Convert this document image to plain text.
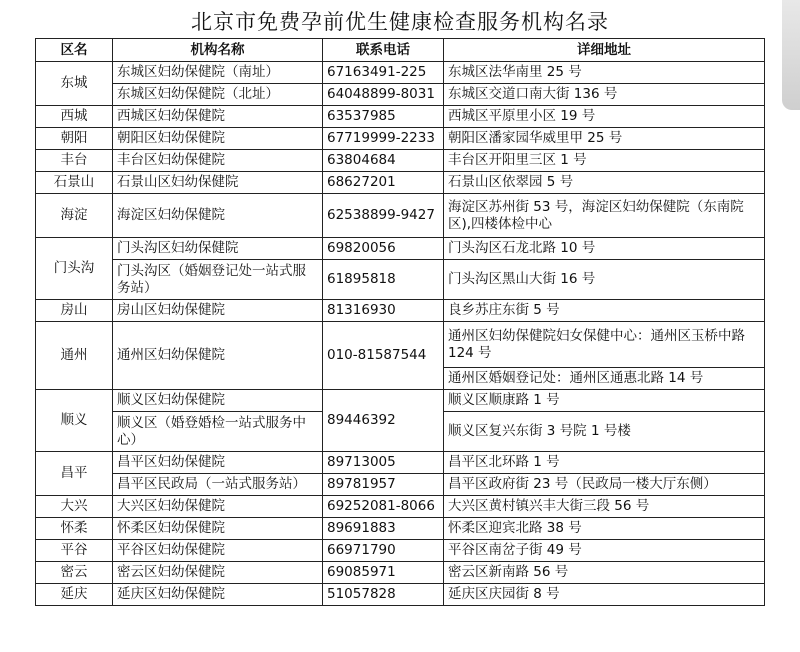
北京市免费孕前优生健康检查服务机构名录
区名	机构名称	联系电话	详细地址
东城	东城区妇幼保健院（南址）	67163491-225	东城区法华南里 25 号
	东城区妇幼保健院（北址）	64048899-8031	东城区交道口南大街 136 号
西城	西城区妇幼保健院	63537985	西城区平原里小区 19 号
朝阳	朝阳区妇幼保健院	67719999-2233	朝阳区潘家园华威里甲 25 号
丰台	丰台区妇幼保健院	63804684	丰台区开阳里三区 1 号
石景山	石景山区妇幼保健院	68627201	石景山区依翠园 5 号
海淀	海淀区妇幼保健院	62538899-9427	海淀区苏州街 53 号，海淀区妇幼保健院（东南院区),四楼体检中心
门头沟	门头沟区妇幼保健院	69820056	门头沟区石龙北路 10 号
	门头沟区（婚姻登记处一站式服务站）	61895818	门头沟区黑山大街 16 号
房山	房山区妇幼保健院	81316930	良乡苏庄东街 5 号
通州	通州区妇幼保健院	010-81587544	通州区妇幼保健院妇女保健中心：通州区玉桥中路 124 号
			通州区婚姻登记处：通州区通惠北路 14 号
顺义	顺义区妇幼保健院	89446392	顺义区顺康路 1 号
	顺义区（婚登婚检一站式服务中心）		顺义区复兴东街 3 号院 1 号楼
昌平	昌平区妇幼保健院	89713005	昌平区北环路 1 号
	昌平区民政局（一站式服务站）	89781957	昌平区政府街 23 号（民政局一楼大厅东侧）
大兴	大兴区妇幼保健院	69252081-8066	大兴区黄村镇兴丰大街三段 56 号
怀柔	怀柔区妇幼保健院	89691883	怀柔区迎宾北路 38 号
平谷	平谷区妇幼保健院	66971790	平谷区南岔子街 49 号
密云	密云区妇幼保健院	69085971	密云区新南路 56 号
延庆	延庆区妇幼保健院	51057828	延庆区庆园街 8 号
